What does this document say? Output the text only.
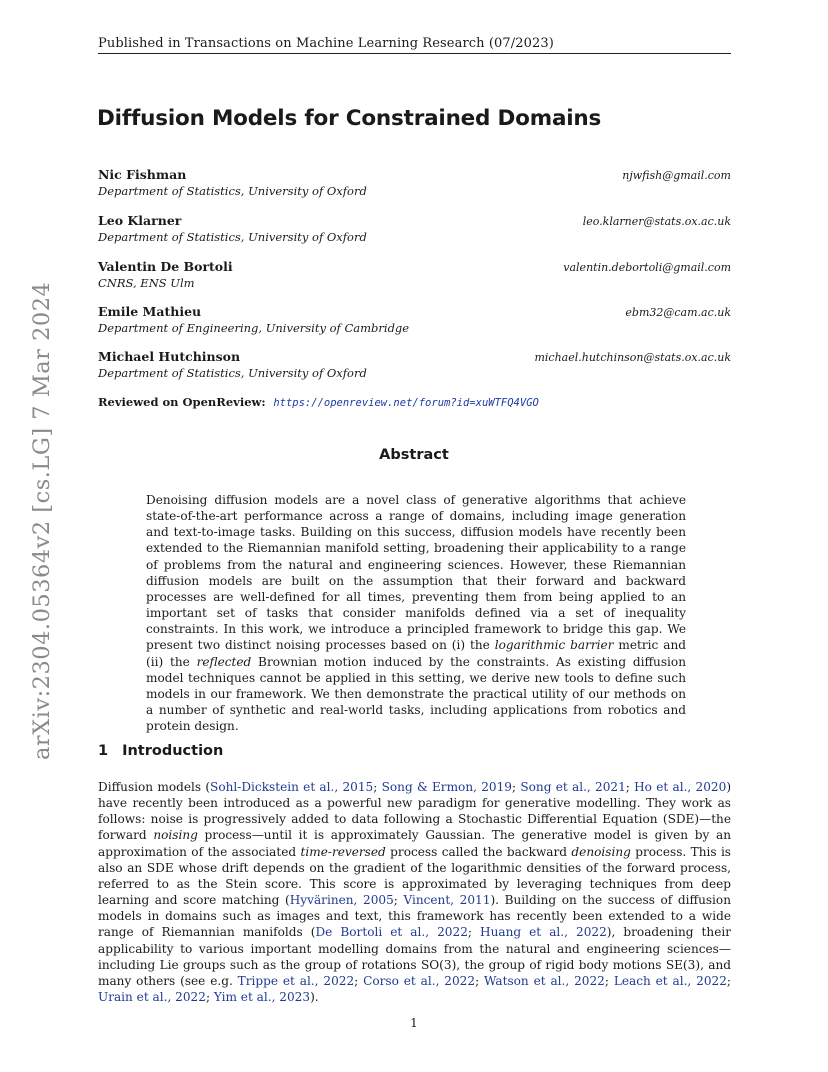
Published in Transactions on Machine Learning Research (07/2023)
Diffusion Models for Constrained Domains
Nic Fishman
Department of Statistics, University of Oxford
njwfish@gmail.com
Leo Klarner
Department of Statistics, University of Oxford
leo.klarner@stats.ox.ac.uk
Valentin De Bortoli
CNRS, ENS Ulm
valentin.debortoli@gmail.com
Emile Mathieu
Department of Engineering, University of Cambridge
ebm32@cam.ac.uk
Michael Hutchinson
Department of Statistics, University of Oxford
michael.hutchinson@stats.ox.ac.uk
Reviewed on OpenReview: https://openreview.net/forum?id=xuWTFQ4VGO
Abstract

Denoising diffusion models are a novel class of generative algorithms that achieve state-of-the-art performance across a range of domains, including image generation and text-to-image tasks. Building on this success, diffusion models have recently been extended to the Riemannian manifold setting, broadening their applicability to a range of problems from the natural and engineering sciences. However, these Riemannian diffusion models are built on the assumption that their forward and backward processes are well-defined for all times, preventing them from being applied to an important set of tasks that consider manifolds defined via a set of inequality constraints. In this work, we introduce a principled framework to bridge this gap. We present two distinct noising processes based on (i) the logarithmic barrier metric and (ii) the reflected Brownian motion induced by the constraints. As existing diffusion model techniques cannot be applied in this setting, we derive new tools to define such models in our framework. We then demonstrate the practical utility of our methods on a number of synthetic and real-world tasks, including applications from robotics and protein design.

1 Introduction

Diffusion models (Sohl-Dickstein et al., 2015; Song & Ermon, 2019; Song et al., 2021; Ho et al., 2020) have recently been introduced as a powerful new paradigm for generative modelling. They work as follows: noise is progressively added to data following a Stochastic Differential Equation (SDE)—the forward noising process—until it is approximately Gaussian. The generative model is given by an approximation of the associated time-reversed process called the backward denoising process. This is also an SDE whose drift depends on the gradient of the logarithmic densities of the forward process, referred to as the Stein score. This score is approximated by leveraging techniques from deep learning and score matching (Hyvärinen, 2005; Vincent, 2011). Building on the success of diffusion models in domains such as images and text, this framework has recently been extended to a wide range of Riemannian manifolds (De Bortoli et al., 2022; Huang et al., 2022), broadening their applicability to various important modelling domains from the natural and engineering sciences—including Lie groups such as the group of rotations SO(3), the group of rigid body motions SE(3), and many others (see e.g. Trippe et al., 2022; Corso et al., 2022; Watson et al., 2022; Leach et al., 2022; Urain et al., 2022; Yim et al., 2023).

1
arXiv:2304.05364v2 [cs.LG] 7 Mar 2024
